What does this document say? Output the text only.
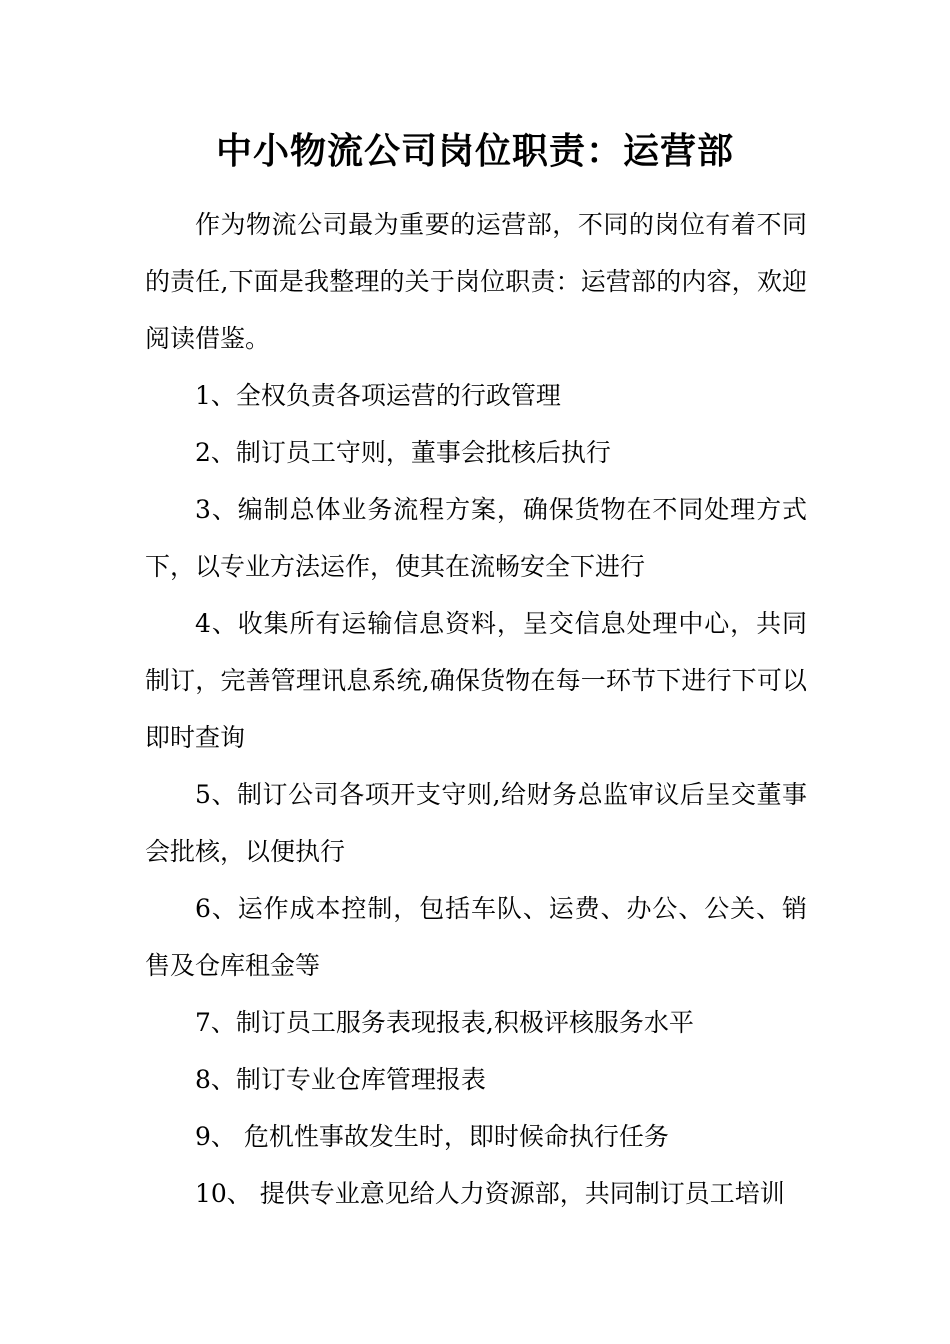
中小物流公司岗位职责：运营部

作为物流公司最为重要的运营部，不同的岗位有着不同的责任,下面是我整理的关于岗位职责：运营部的内容，欢迎阅读借鉴。

1、全权负责各项运营的行政管理

2、制订员工守则，董事会批核后执行

3、编制总体业务流程方案，确保货物在不同处理方式下，以专业方法运作，使其在流畅安全下进行

4、收集所有运输信息资料，呈交信息处理中心，共同制订，完善管理讯息系统,确保货物在每一环节下进行下可以即时查询

5、制订公司各项开支守则,给财务总监审议后呈交董事会批核，以便执行

6、运作成本控制，包括车队、运费、办公、公关、销售及仓库租金等

7、制订员工服务表现报表,积极评核服务水平

8、制订专业仓库管理报表

9、 危机性事故发生时，即时候命执行任务

10、 提供专业意见给人力资源部，共同制订员工培训
